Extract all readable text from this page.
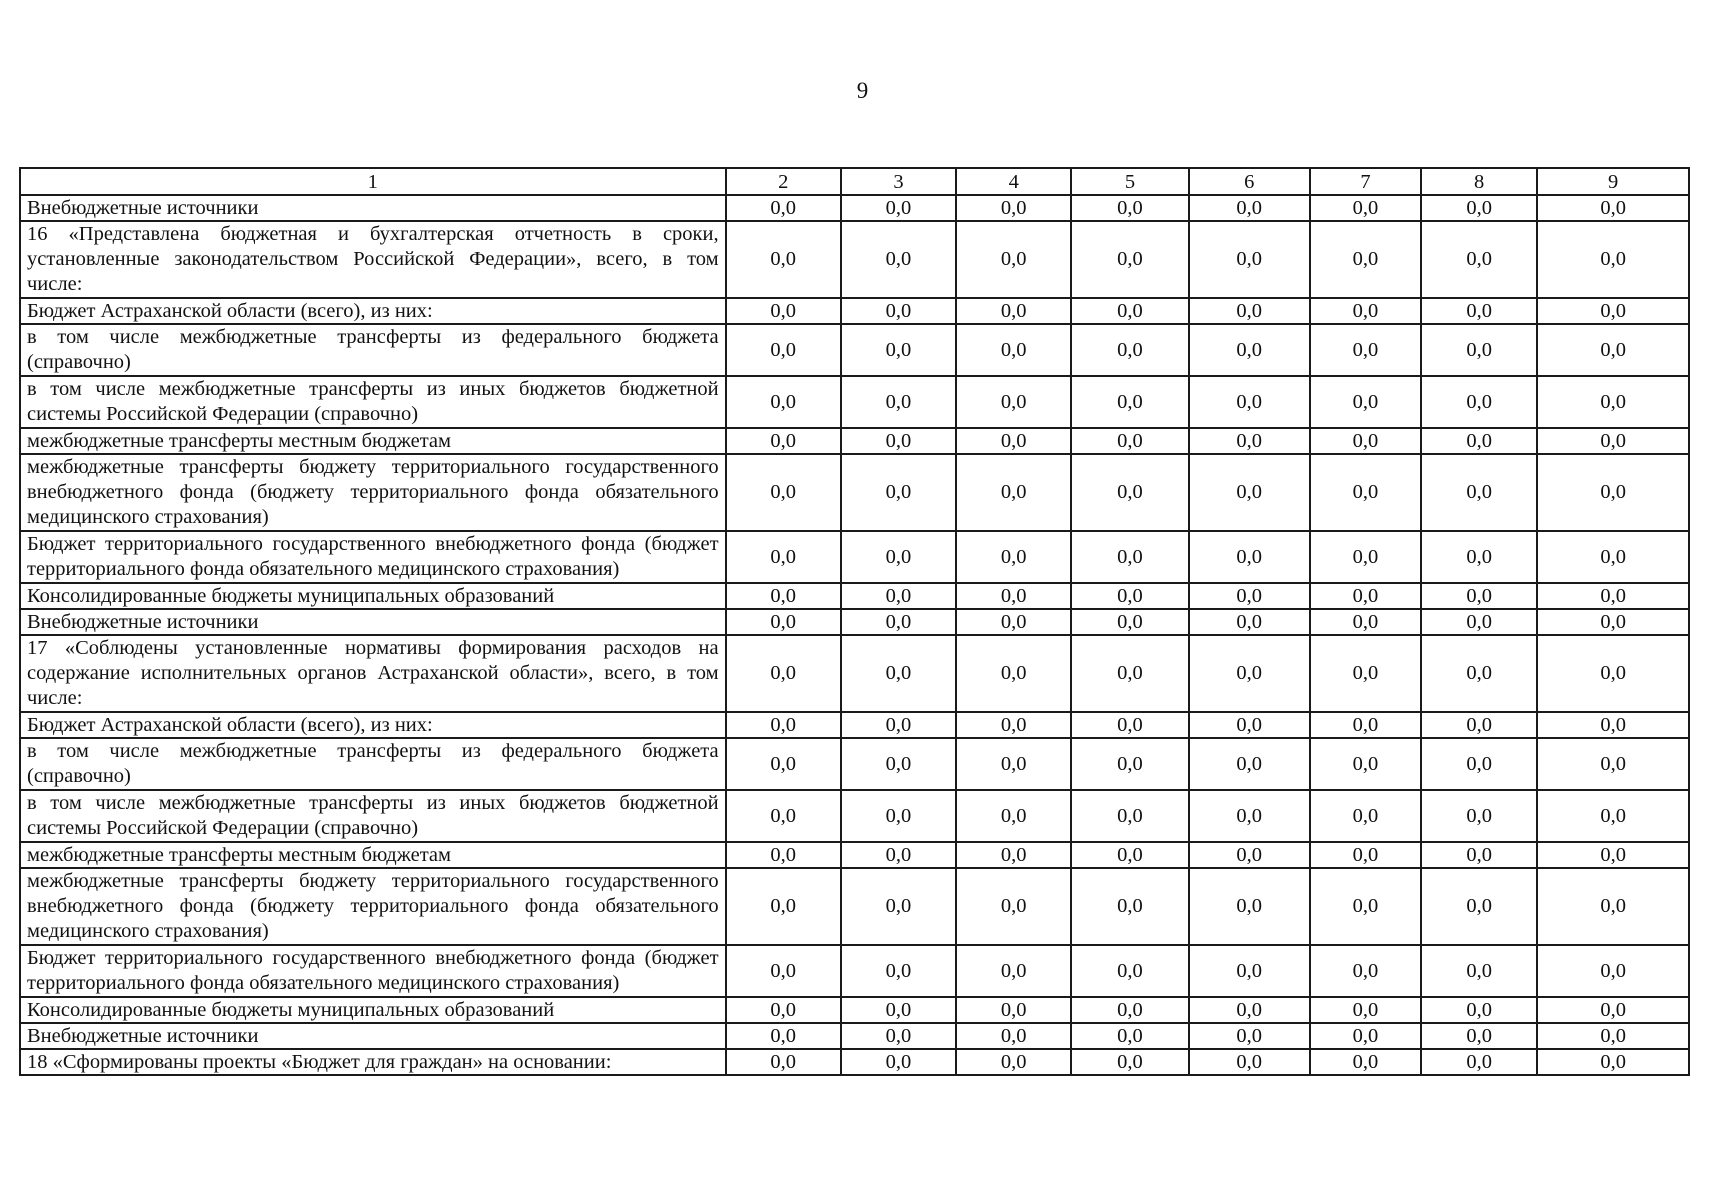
9
1	2	3	4	5	6	7	8	9
Внебюджетные источники	0,0	0,0	0,0	0,0	0,0	0,0	0,0	0,0
16 «Представлена бюджетная и бухгалтерская отчетность в сроки, установленные законодательством Российской Федерации», всего, в том числе:	0,0	0,0	0,0	0,0	0,0	0,0	0,0	0,0
Бюджет Астраханской области (всего), из них:	0,0	0,0	0,0	0,0	0,0	0,0	0,0	0,0
в том числе межбюджетные трансферты из федерального бюджета (справочно)	0,0	0,0	0,0	0,0	0,0	0,0	0,0	0,0
в том числе межбюджетные трансферты из иных бюджетов бюджетной системы Российской Федерации (справочно)	0,0	0,0	0,0	0,0	0,0	0,0	0,0	0,0
межбюджетные трансферты местным бюджетам	0,0	0,0	0,0	0,0	0,0	0,0	0,0	0,0
межбюджетные трансферты бюджету территориального государственного внебюджетного фонда (бюджету территориального фонда обязательного медицинского страхования)	0,0	0,0	0,0	0,0	0,0	0,0	0,0	0,0
Бюджет территориального государственного внебюджетного фонда (бюджет территориального фонда обязательного медицинского страхования)	0,0	0,0	0,0	0,0	0,0	0,0	0,0	0,0
Консолидированные бюджеты муниципальных образований	0,0	0,0	0,0	0,0	0,0	0,0	0,0	0,0
Внебюджетные источники	0,0	0,0	0,0	0,0	0,0	0,0	0,0	0,0
17 «Соблюдены установленные нормативы формирования расходов на содержание исполнительных органов Астраханской области», всего, в том числе:	0,0	0,0	0,0	0,0	0,0	0,0	0,0	0,0
Бюджет Астраханской области (всего), из них:	0,0	0,0	0,0	0,0	0,0	0,0	0,0	0,0
в том числе межбюджетные трансферты из федерального бюджета (справочно)	0,0	0,0	0,0	0,0	0,0	0,0	0,0	0,0
в том числе межбюджетные трансферты из иных бюджетов бюджетной системы Российской Федерации (справочно)	0,0	0,0	0,0	0,0	0,0	0,0	0,0	0,0
межбюджетные трансферты местным бюджетам	0,0	0,0	0,0	0,0	0,0	0,0	0,0	0,0
межбюджетные трансферты бюджету территориального государственного внебюджетного фонда (бюджету территориального фонда обязательного медицинского страхования)	0,0	0,0	0,0	0,0	0,0	0,0	0,0	0,0
Бюджет территориального государственного внебюджетного фонда (бюджет территориального фонда обязательного медицинского страхования)	0,0	0,0	0,0	0,0	0,0	0,0	0,0	0,0
Консолидированные бюджеты муниципальных образований	0,0	0,0	0,0	0,0	0,0	0,0	0,0	0,0
Внебюджетные источники	0,0	0,0	0,0	0,0	0,0	0,0	0,0	0,0
18 «Сформированы проекты «Бюджет для граждан» на основании:	0,0	0,0	0,0	0,0	0,0	0,0	0,0	0,0
